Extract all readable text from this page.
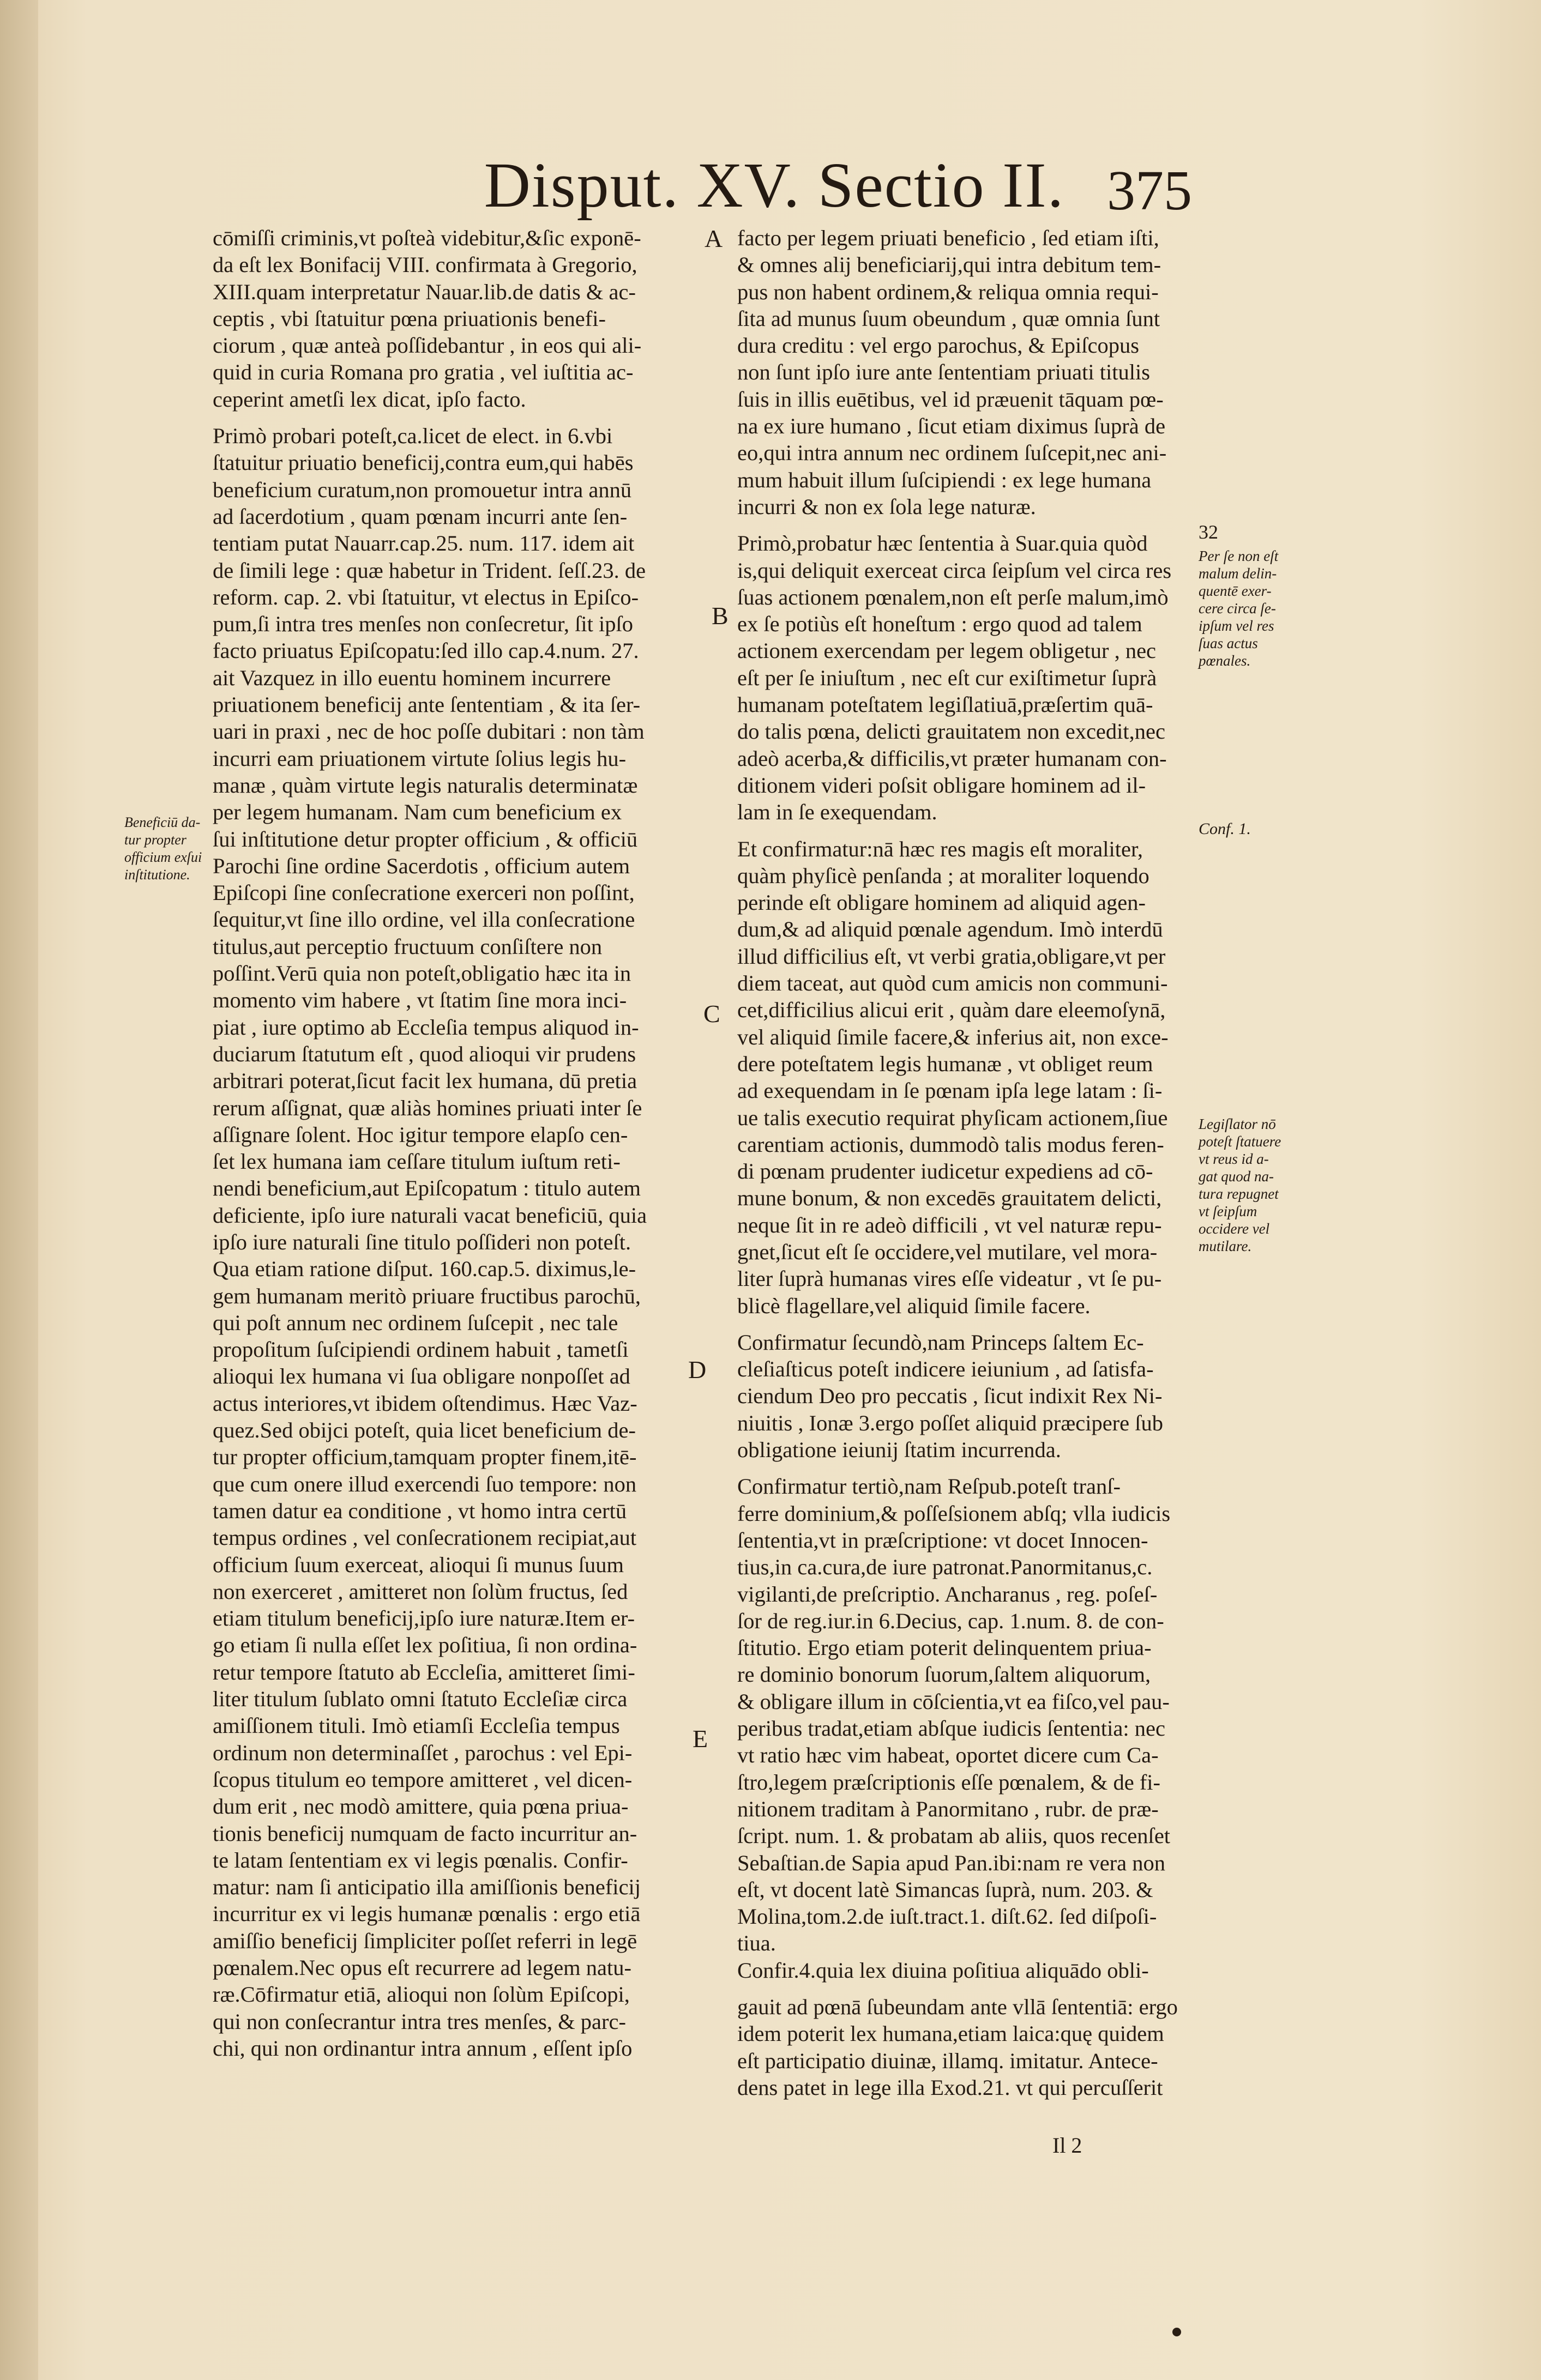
Disput. XV. Sectio II. 375
cōmiſſi criminis,vt poſteà videbitur,&ſic exponē-
da eſt lex Bonifacij VIII. confirmata à Gregorio,
XIII.quam interpretatur Nauar.lib.de datis & ac-
ceptis , vbi ſtatuitur pœna priuationis benefi-
ciorum , quæ anteà poſſidebantur , in eos qui ali-
quid in curia Romana pro gratia , vel iuſtitia ac-
ceperint ametſi lex dicat, ipſo facto.
Primò probari poteſt,ca.licet de elect. in 6.vbi
ſtatuitur priuatio beneficij,contra eum,qui habēs
beneficium curatum,non promouetur intra annū
ad ſacerdotium , quam pœnam incurri ante ſen-
tentiam putat Nauarr.cap.25. num. 117. idem ait
de ſimili lege : quæ habetur in Trident. ſeſſ.23. de
reform. cap. 2. vbi ſtatuitur, vt electus in Epiſco-
pum,ſi intra tres menſes non conſecretur, ſit ipſo
facto priuatus Epiſcopatu:ſed illo cap.4.num. 27.
ait Vazquez in illo euentu hominem incurrere
priuationem beneficij ante ſententiam , & ita ſer-
uari in praxi , nec de hoc poſſe dubitari : non tàm
incurri eam priuationem virtute ſolius legis hu-
manæ , quàm virtute legis naturalis determinatæ
per legem humanam. Nam cum beneficium ex
ſui inſtitutione detur propter officium , & officiū
Parochi ſine ordine Sacerdotis , officium autem
Epiſcopi ſine conſecratione exerceri non poſſint,
ſequitur,vt ſine illo ordine, vel illa conſecratione
titulus,aut perceptio fructuum conſiſtere non
poſſint.Verū quia non poteſt,obligatio hæc ita in
momento vim habere , vt ſtatim ſine mora inci-
piat , iure optimo ab Eccleſia tempus aliquod in-
duciarum ſtatutum eſt , quod alioqui vir prudens
arbitrari poterat,ſicut facit lex humana, dū pretia
rerum aſſignat, quæ aliàs homines priuati inter ſe
aſſignare ſolent. Hoc igitur tempore elapſo cen-
ſet lex humana iam ceſſare titulum iuſtum reti-
nendi beneficium,aut Epiſcopatum : titulo autem
deficiente, ipſo iure naturali vacat beneficiū, quia
ipſo iure naturali ſine titulo poſſideri non poteſt.
Qua etiam ratione diſput. 160.cap.5. diximus,le-
gem humanam meritò priuare fructibus parochū,
qui poſt annum nec ordinem ſuſcepit , nec tale
propoſitum ſuſcipiendi ordinem habuit , tametſi
alioqui lex humana vi ſua obligare nonpoſſet ad
actus interiores,vt ibidem oſtendimus. Hæc Vaz-
quez.Sed obijci poteſt, quia licet beneficium de-
tur propter officium,tamquam propter finem,itē-
que cum onere illud exercendi ſuo tempore: non
tamen datur ea conditione , vt homo intra certū
tempus ordines , vel conſecrationem recipiat,aut
officium ſuum exerceat, alioqui ſi munus ſuum
non exerceret , amitteret non ſolùm fructus, ſed
etiam titulum beneficij,ipſo iure naturæ.Item er-
go etiam ſi nulla eſſet lex poſitiua, ſi non ordina-
retur tempore ſtatuto ab Eccleſia, amitteret ſimi-
liter titulum ſublato omni ſtatuto Eccleſiæ circa
amiſſionem tituli. Imò etiamſi Eccleſia tempus
ordinum non determinaſſet , parochus : vel Epi-
ſcopus titulum eo tempore amitteret , vel dicen-
dum erit , nec modò amittere, quia pœna priua-
tionis beneficij numquam de facto incurritur an-
te latam ſententiam ex vi legis pœnalis. Confir-
matur: nam ſi anticipatio illa amiſſionis beneficij
incurritur ex vi legis humanæ pœnalis : ergo etiā
amiſſio beneficij ſimpliciter poſſet referri in legē
pœnalem.Nec opus eſt recurrere ad legem natu-
ræ.Cōfirmatur etiā, alioqui non ſolùm Epiſcopi,
qui non conſecrantur intra tres menſes, & parc-
chi, qui non ordinantur intra annum , eſſent ipſo
facto per legem priuati beneficio , ſed etiam iſti,
& omnes alij beneficiarij,qui intra debitum tem-
pus non habent ordinem,& reliqua omnia requi-
ſita ad munus ſuum obeundum , quæ omnia ſunt
dura creditu : vel ergo parochus, & Epiſcopus
non ſunt ipſo iure ante ſententiam priuati titulis
ſuis in illis euētibus, vel id præuenit tāquam pœ-
na ex iure humano , ſicut etiam diximus ſuprà de
eo,qui intra annum nec ordinem ſuſcepit,nec ani-
mum habuit illum ſuſcipiendi : ex lege humana
incurri & non ex ſola lege naturæ.
Primò,probatur hæc ſententia à Suar.quia quòd
is,qui deliquit exerceat circa ſeipſum vel circa res
ſuas actionem pœnalem,non eſt perſe malum,imò
ex ſe potiùs eſt honeſtum : ergo quod ad talem
actionem exercendam per legem obligetur , nec
eſt per ſe iniuſtum , nec eſt cur exiſtimetur ſuprà
humanam poteſtatem legiſlatiuā,præſertim quā-
do talis pœna, delicti grauitatem non excedit,nec
adeò acerba,& difficilis,vt præter humanam con-
ditionem videri poſsit obligare hominem ad il-
lam in ſe exequendam.
Et confirmatur:nā hæc res magis eſt moraliter,
quàm phyſicè penſanda ; at moraliter loquendo
perinde eſt obligare hominem ad aliquid agen-
dum,& ad aliquid pœnale agendum. Imò interdū
illud difficilius eſt, vt verbi gratia,obligare,vt per
diem taceat, aut quòd cum amicis non communi-
cet,difficilius alicui erit , quàm dare eleemoſynā,
vel aliquid ſimile facere,& inferius ait, non exce-
dere poteſtatem legis humanæ , vt obliget reum
ad exequendam in ſe pœnam ipſa lege latam : ſi-
ue talis executio requirat phyſicam actionem,ſiue
carentiam actionis, dummodò talis modus feren-
di pœnam prudenter iudicetur expediens ad cō-
mune bonum, & non excedēs grauitatem delicti,
neque ſit in re adeò difficili , vt vel naturæ repu-
gnet,ſicut eſt ſe occidere,vel mutilare, vel mora-
liter ſuprà humanas vires eſſe videatur , vt ſe pu-
blicè flagellare,vel aliquid ſimile facere.
Confirmatur ſecundò,nam Princeps ſaltem Ec-
cleſiaſticus poteſt indicere ieiunium , ad ſatisfa-
ciendum Deo pro peccatis , ſicut indixit Rex Ni-
niuitis , Ionæ 3.ergo poſſet aliquid præcipere ſub
obligatione ieiunij ſtatim incurrenda.
Confirmatur tertiò,nam Reſpub.poteſt tranſ-
ferre dominium,& poſſeſsionem abſq; vlla iudicis
ſententia,vt in præſcriptione: vt docet Innocen-
tius,in ca.cura,de iure patronat.Panormitanus,c.
vigilanti,de preſcriptio. Ancharanus , reg. poſeſ-
ſor de reg.iur.in 6.Decius, cap. 1.num. 8. de con-
ſtitutio. Ergo etiam poterit delinquentem priua-
re dominio bonorum ſuorum,ſaltem aliquorum,
& obligare illum in cōſcientia,vt ea fiſco,vel pau-
peribus tradat,etiam abſque iudicis ſententia: nec
vt ratio hæc vim habeat, oportet dicere cum Ca-
ſtro,legem præſcriptionis eſſe pœnalem, & de fi-
nitionem traditam à Panormitano , rubr. de præ-
ſcript. num. 1. & probatam ab aliis, quos recenſet
Sebaſtian.de Sapia apud Pan.ibi:nam re vera non
eſt, vt docent latè Simancas ſuprà, num. 203. &
Molina,tom.2.de iuſt.tract.1. diſt.62. ſed diſpoſi-
tiua.
Confir.4.quia lex diuina poſitiua aliquādo obli-
gauit ad pœnā ſubeundam ante vllā ſententiā: ergo
idem poterit lex humana,etiam laica:quę quidem
eſt participatio diuinæ, illamq. imitatur. Antece-
dens patet in lege illa Exod.21. vt qui percuſſerit
A
B
C
D
E
Beneficiū da-
tur propter
officium exſui
inſtitutione.
32
Per ſe non eſt
malum delin-
quentē exer-
cere circa ſe-
ipſum vel res
ſuas actus
pœnales.
Conf. 1.
Legiſlator nō
poteſt ſtatuere
vt reus id a-
gat quod na-
tura repugnet
vt ſeipſum
occidere vel
mutilare.
Il 2
